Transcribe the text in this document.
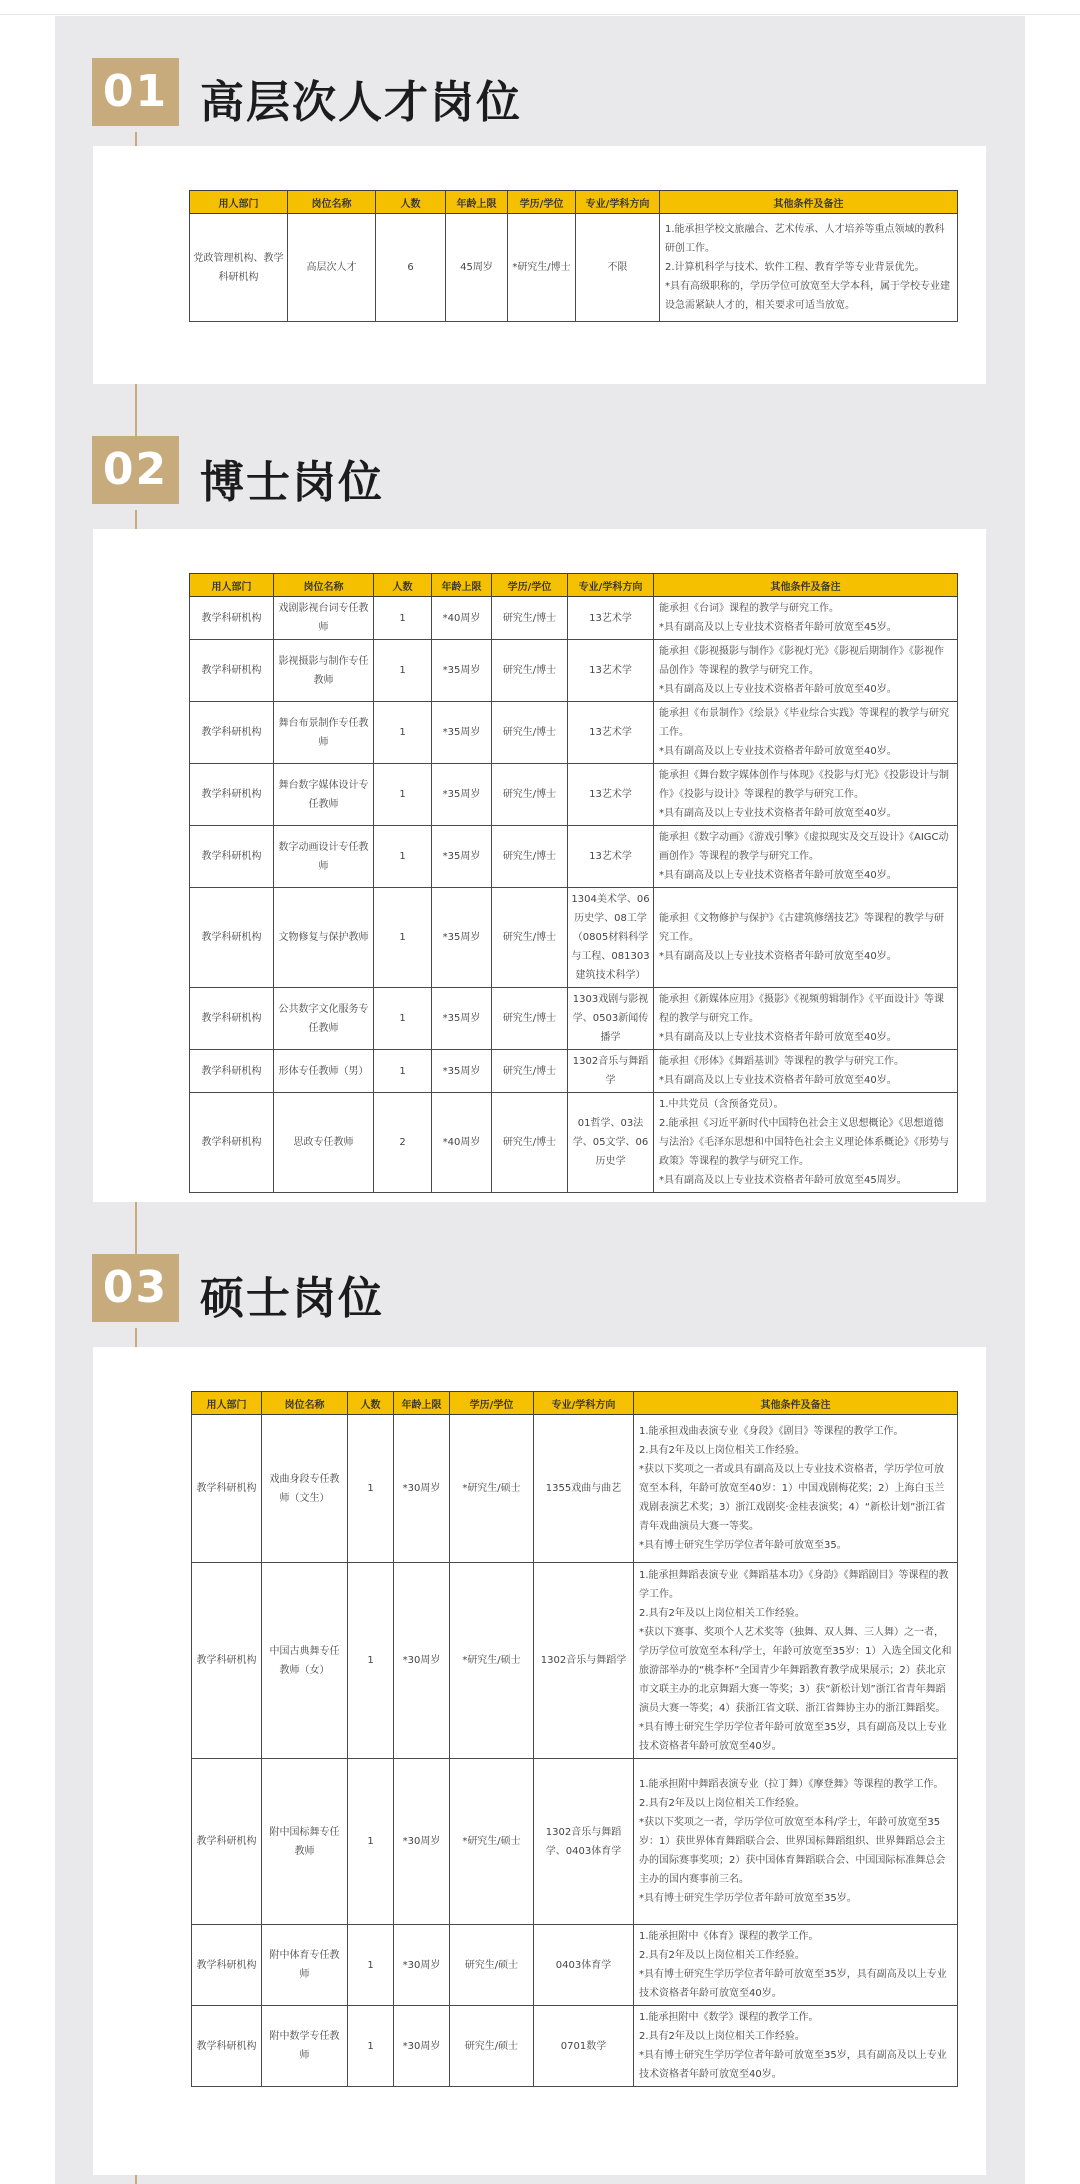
01 高层次人才岗位
用人部门	岗位名称	人数	年龄上限	学历/学位	专业/学科方向	其他条件及备注
党政管理机构、教学科研机构	高层次人才	6	45周岁	*研究生/博士	不限	1.能承担学校文旅融合、艺术传承、人才培养等重点领域的教科研创工作。
2.计算机科学与技术、软件工程、教育学等专业背景优先。
*具有高级职称的，学历学位可放宽至大学本科，属于学校专业建设急需紧缺人才的，相关要求可适当放宽。
02 博士岗位
用人部门	岗位名称	人数	年龄上限	学历/学位	专业/学科方向	其他条件及备注
教学科研机构	戏剧影视台词专任教师	1	*40周岁	研究生/博士	13艺术学	能承担《台词》课程的教学与研究工作。
*具有副高及以上专业技术资格者年龄可放宽至45岁。

教学科研机构	影视摄影与制作专任教师	1	*35周岁	研究生/博士	13艺术学	能承担《影视摄影与制作》《影视灯光》《影视后期制作》《影视作品创作》等课程的教学与研究工作。
*具有副高及以上专业技术资格者年龄可放宽至40岁。

教学科研机构	舞台布景制作专任教师	1	*35周岁	研究生/博士	13艺术学	能承担《布景制作》《绘景》《毕业综合实践》等课程的教学与研究工作。
*具有副高及以上专业技术资格者年龄可放宽至40岁。

教学科研机构	舞台数字媒体设计专任教师	1	*35周岁	研究生/博士	13艺术学	能承担《舞台数字媒体创作与体现》《投影与灯光》《投影设计与制作》《投影与设计》等课程的教学与研究工作。
*具有副高及以上专业技术资格者年龄可放宽至40岁。

教学科研机构	数字动画设计专任教师	1	*35周岁	研究生/博士	13艺术学	能承担《数字动画》《游戏引擎》《虚拟现实及交互设计》《AIGC动画创作》等课程的教学与研究工作。
*具有副高及以上专业技术资格者年龄可放宽至40岁。

教学科研机构	文物修复与保护教师	1	*35周岁	研究生/博士	1304美术学、06历史学、08工学（0805材料科学与工程、081303建筑技术科学）	能承担《文物修护与保护》《古建筑修缮技艺》等课程的教学与研究工作。
*具有副高及以上专业技术资格者年龄可放宽至40岁。

教学科研机构	公共数字文化服务专任教师	1	*35周岁	研究生/博士	1303戏剧与影视学、0503新闻传播学	能承担《新媒体应用》《摄影》《视频剪辑制作》《平面设计》等课程的教学与研究工作。
*具有副高及以上专业技术资格者年龄可放宽至40岁。

教学科研机构	形体专任教师（男）	1	*35周岁	研究生/博士	1302音乐与舞蹈学	能承担《形体》《舞蹈基训》等课程的教学与研究工作。
*具有副高及以上专业技术资格者年龄可放宽至40岁。

教学科研机构	思政专任教师	2	*40周岁	研究生/博士	01哲学、03法学、05文学、06历史学	1.中共党员（含预备党员）。
2.能承担《习近平新时代中国特色社会主义思想概论》《思想道德与法治》《毛泽东思想和中国特色社会主义理论体系概论》《形势与政策》等课程的教学与研究工作。
*具有副高及以上专业技术资格者年龄可放宽至45周岁。
03 硕士岗位
用人部门	岗位名称	人数	年龄上限	学历/学位	专业/学科方向	其他条件及备注
教学科研机构	戏曲身段专任教师（文生）	1	*30周岁	*研究生/硕士	1355戏曲与曲艺	1.能承担戏曲表演专业《身段》《剧目》等课程的教学工作。
2.具有2年及以上岗位相关工作经验。
*获以下奖项之一者或具有副高及以上专业技术资格者，学历学位可放宽至本科，年龄可放宽至40岁：1）中国戏剧梅花奖；2）上海白玉兰戏剧表演艺术奖；3）浙江戏剧奖·金桂表演奖；4）“新松计划”浙江省青年戏曲演员大赛一等奖。
*具有博士研究生学历学位者年龄可放宽至35。

教学科研机构	中国古典舞专任教师（女）	1	*30周岁	*研究生/硕士	1302音乐与舞蹈学	1.能承担舞蹈表演专业《舞蹈基本功》《身韵》《舞蹈剧目》等课程的教学工作。
2.具有2年及以上岗位相关工作经验。
*获以下赛事、奖项个人艺术奖等（独舞、双人舞、三人舞）之一者，学历学位可放宽至本科/学士，年龄可放宽至35岁：1）入选全国文化和旅游部举办的“桃李杯”全国青少年舞蹈教育教学成果展示；2）获北京市文联主办的北京舞蹈大赛一等奖；3）获“新松计划”浙江省青年舞蹈演员大赛一等奖；4）获浙江省文联、浙江省舞协主办的浙江舞蹈奖。
*具有博士研究生学历学位者年龄可放宽至35岁，具有副高及以上专业技术资格者年龄可放宽至40岁。

教学科研机构	附中国标舞专任教师	1	*30周岁	*研究生/硕士	1302音乐与舞蹈学、0403体育学	1.能承担附中舞蹈表演专业（拉丁舞）《摩登舞》等课程的教学工作。
2.具有2年及以上岗位相关工作经验。
*获以下奖项之一者，学历学位可放宽至本科/学士，年龄可放宽至35岁：1）获世界体育舞蹈联合会、世界国标舞蹈组织、世界舞蹈总会主办的国际赛事奖项；2）获中国体育舞蹈联合会、中国国际标准舞总会主办的国内赛事前三名。
*具有博士研究生学历学位者年龄可放宽至35岁。

教学科研机构	附中体育专任教师	1	*30周岁	研究生/硕士	0403体育学	1.能承担附中《体育》课程的教学工作。
2.具有2年及以上岗位相关工作经验。
*具有博士研究生学历学位者年龄可放宽至35岁，具有副高及以上专业技术资格者年龄可放宽至40岁。

教学科研机构	附中数学专任教师	1	*30周岁	研究生/硕士	0701数学	1.能承担附中《数学》课程的教学工作。
2.具有2年及以上岗位相关工作经验。
*具有博士研究生学历学位者年龄可放宽至35岁，具有副高及以上专业技术资格者年龄可放宽至40岁。
